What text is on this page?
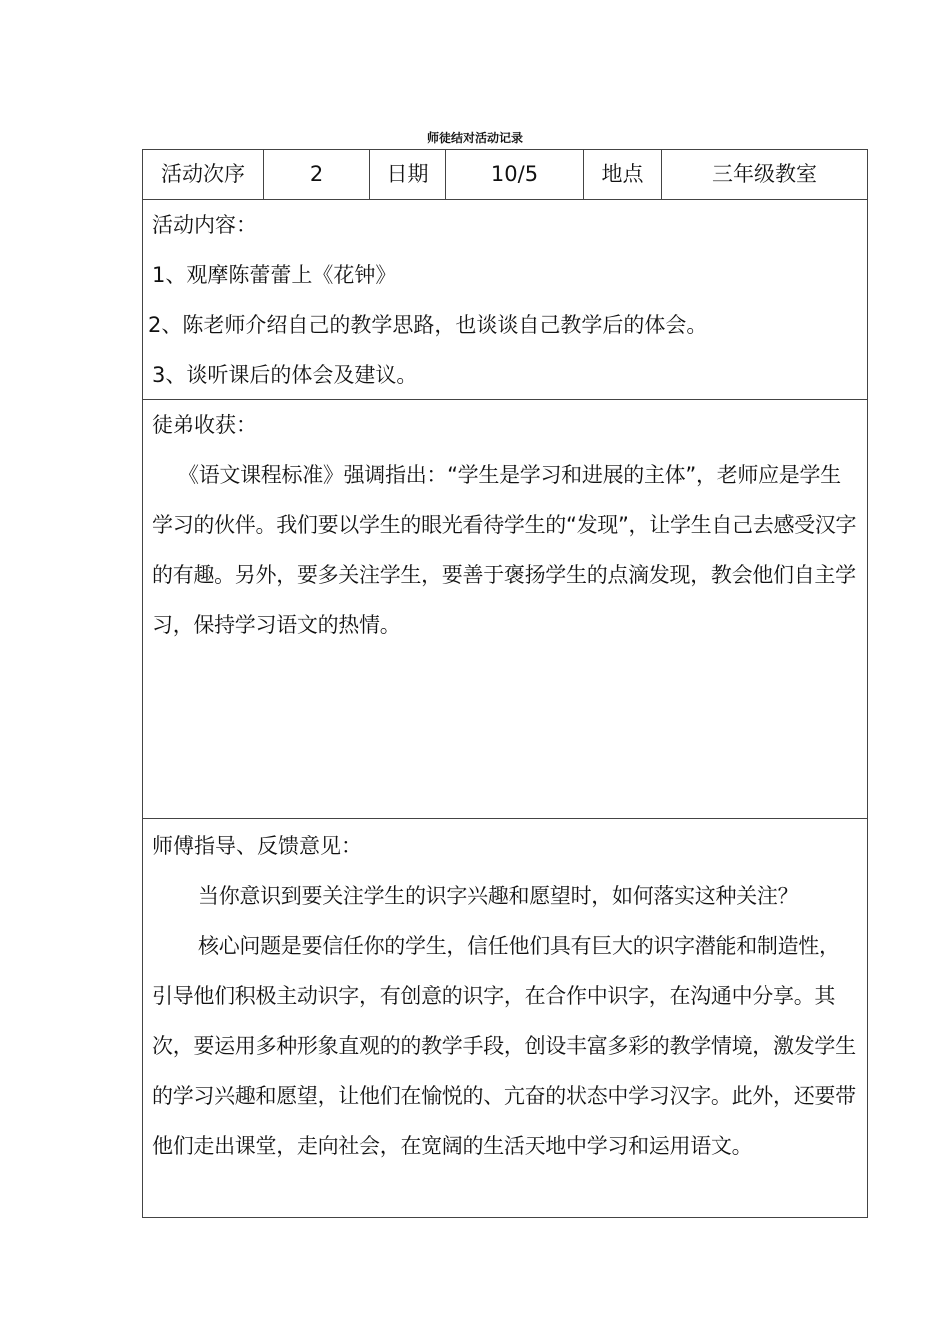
师徒结对活动记录
活动次序	2	日期	10/5	地点	三年级教室

活动内容：

1、观摩陈蕾蕾上《花钟》

2、陈老师介绍自己的教学思路，也谈谈自己教学后的体会。

3、谈听课后的体会及建议。

徒弟收获：

《语文课程标准》强调指出：“学生是学习和进展的主体”，老师应是学生学习的伙伴。我们要以学生的眼光看待学生的“发现”，让学生自己去感受汉字的有趣。另外，要多关注学生，要善于褒扬学生的点滴发现，教会他们自主学习，保持学习语文的热情。

师傅指导、反馈意见：

当你意识到要关注学生的识字兴趣和愿望时，如何落实这种关注？

核心问题是要信任你的学生，信任他们具有巨大的识字潜能和制造性，引导他们积极主动识字，有创意的识字，在合作中识字，在沟通中分享。其次，要运用多种形象直观的的教学手段，创设丰富多彩的教学情境，激发学生的学习兴趣和愿望，让他们在愉悦的、亢奋的状态中学习汉字。此外，还要带他们走出课堂，走向社会，在宽阔的生活天地中学习和运用语文。
